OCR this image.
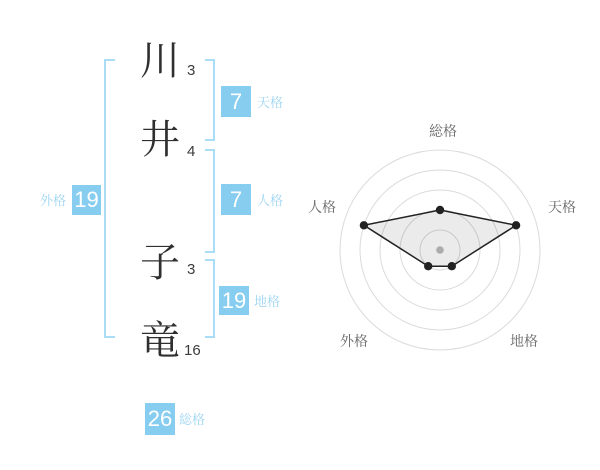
川
井
子
竜
3
4
3
16
外格 19
7	天格
7	人格
19 地格
26 総格
総格
天格
地格
外格
人格
